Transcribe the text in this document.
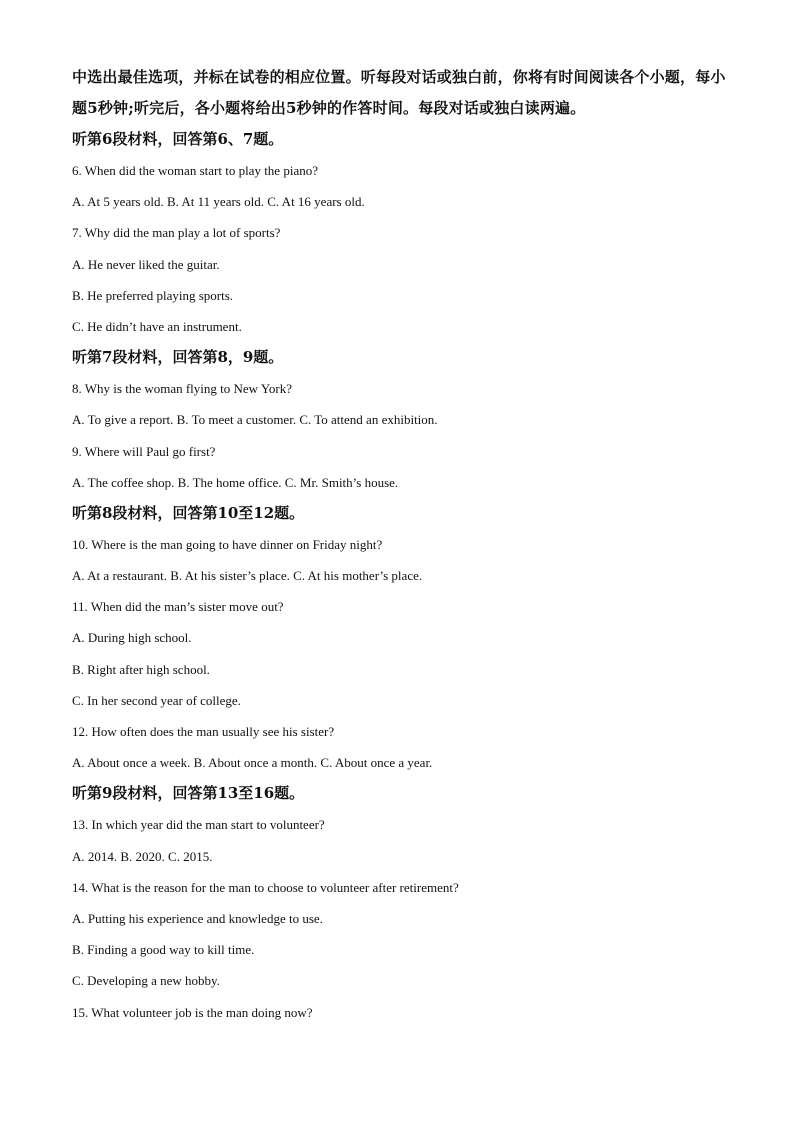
中选出最佳选项，并标在试卷的相应位置。听每段对话或独白前，你将有时间阅读各个小题，每小题5秒钟;听完后，各小题将给出5秒钟的作答时间。每段对话或独白读两遍。

听第6段材料，回答第6、7题。

6. When did the woman start to play the piano?

A. At 5 years old. B. At 11 years old. C. At 16 years old.

7. Why did the man play a lot of sports?

A. He never liked the guitar.

B. He preferred playing sports.

C. He didn’t have an instrument.

听第7段材料，回答第8，9题。

8. Why is the woman flying to New York?

A. To give a report. B. To meet a customer. C. To attend an exhibition.

9. Where will Paul go first?

A. The coffee shop. B. The home office. C. Mr. Smith’s house.

听第8段材料，回答第10至12题。

10. Where is the man going to have dinner on Friday night?

A. At a restaurant. B. At his sister’s place. C. At his mother’s place.

11. When did the man’s sister move out?

A. During high school.

B. Right after high school.

C. In her second year of college.

12. How often does the man usually see his sister?

A. About once a week. B. About once a month. C. About once a year.

听第9段材料，回答第13至16题。

13. In which year did the man start to volunteer?

A. 2014. B. 2020. C. 2015.

14. What is the reason for the man to choose to volunteer after retirement?

A. Putting his experience and knowledge to use.

B. Finding a good way to kill time.

C. Developing a new hobby.

15. What volunteer job is the man doing now?
